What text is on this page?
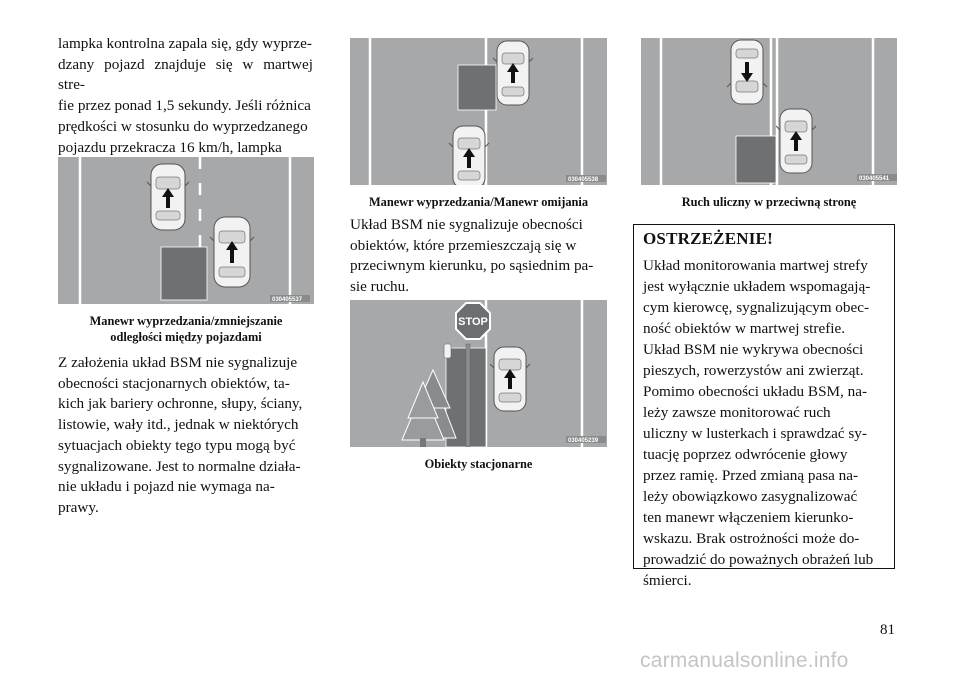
lampka kontrolna zapala się, gdy wyprze-
dzany pojazd znajduje się w martwej stre-
fie przez ponad 1,5 sekundy. Jeśli różnica
prędkości w stosunku do wyprzedzanego
pojazdu przekracza 16 km/h, lampka

030405537
Manewr wyprzedzania/zmniejszanie
odległości między pojazdami

Z założenia układ BSM nie sygnalizuje
obecności stacjonarnych obiektów, ta-
kich jak bariery ochronne, słupy, ściany,
listowie, wały itd., jednak w niektórych
sytuacjach obiekty tego typu mogą być
sygnalizowane. Jest to normalne działa-
nie układu i pojazd nie wymaga na-
prawy.

030405538
Manewr wyprzedzania/Manewr omijania

Układ BSM nie sygnalizuje obecności
obiektów, które przemieszczają się w
przeciwnym kierunku, po sąsiednim pa-
sie ruchu.

STOP
030405239
Obiekty stacjonarne
030405541
Ruch uliczny w przeciwną stronę
OSTRZEŻENIE!

Układ monitorowania martwej strefy
jest wyłącznie układem wspomagają-
cym kierowcę, sygnalizującym obec-
ność obiektów w martwej strefie.
Układ BSM nie wykrywa obecności
pieszych, rowerzystów ani zwierząt.
Pomimo obecności układu BSM, na-
leży zawsze monitorować ruch
uliczny w lusterkach i sprawdzać sy-
tuację poprzez odwrócenie głowy
przez ramię. Przed zmianą pasa na-
leży obowiązkowo zasygnalizować
ten manewr włączeniem kierunko-
wskazu. Brak ostrożności może do-
prowadzić do poważnych obrażeń lub
śmierci.

81
carmanualsonline.info
